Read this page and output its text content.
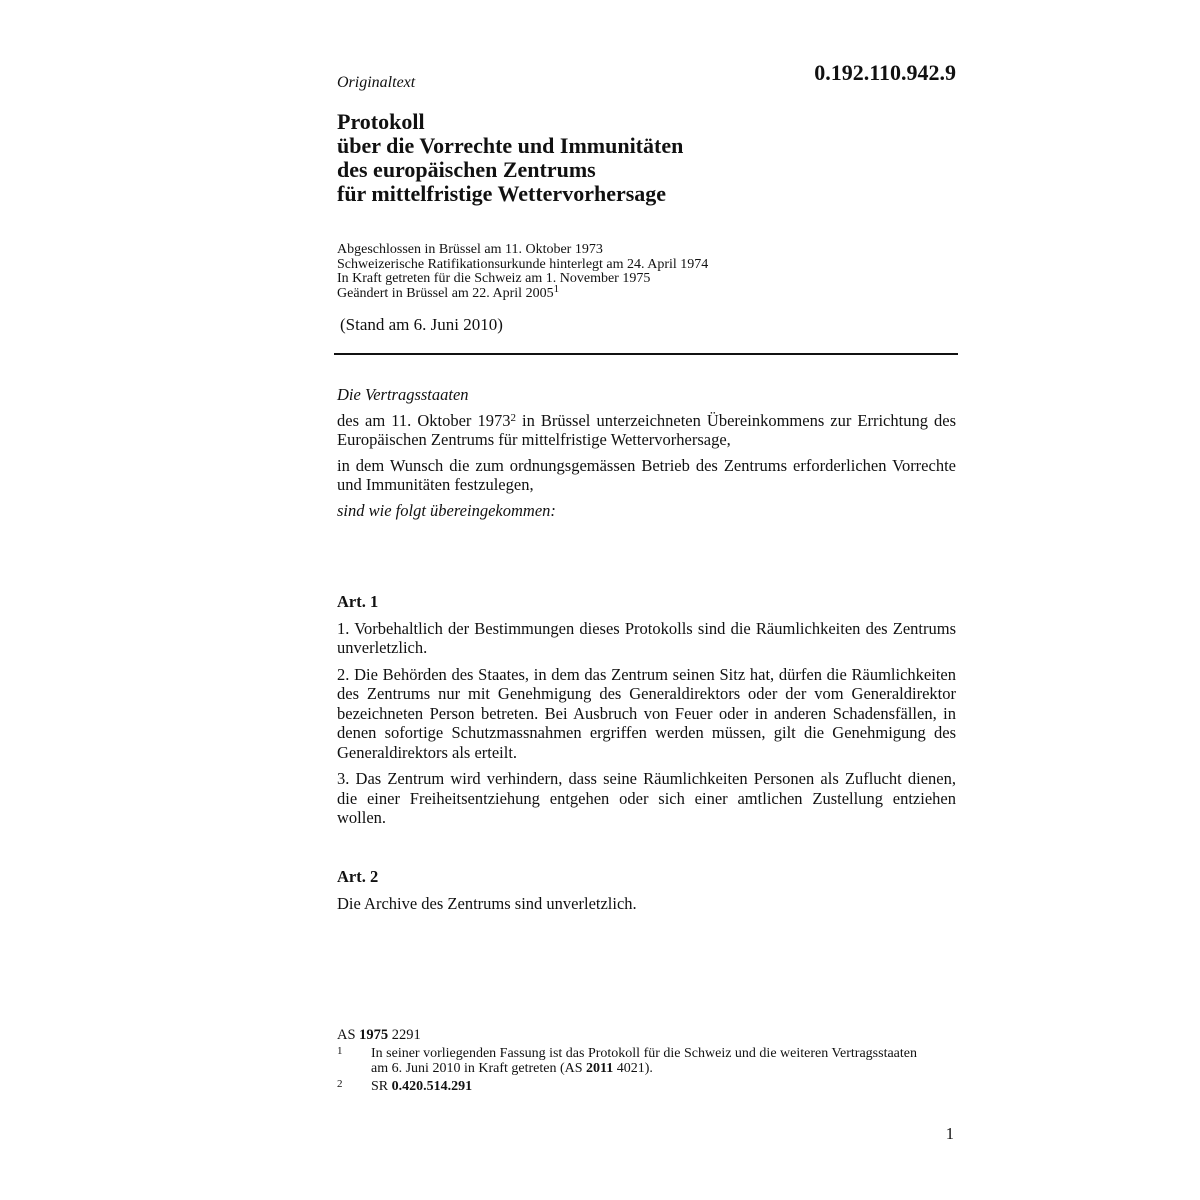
0.192.110.942.9
Originaltext
Protokoll
über die Vorrechte und Immunitäten
des europäischen Zentrums
für mittelfristige Wettervorhersage
Abgeschlossen in Brüssel am 11. Oktober 1973
Schweizerische Ratifikationsurkunde hinterlegt am 24. April 1974
In Kraft getreten für die Schweiz am 1. November 1975
Geändert in Brüssel am 22. April 2005$^1$
(Stand am 6. Juni 2010)

Die Vertragsstaaten

des am 11. Oktober 1973$^2$ in Brüssel unterzeichneten Übereinkommens zur Errichtung des Europäischen Zentrums für mittelfristige Wettervorhersage,

in dem Wunsch die zum ordnungsgemässen Betrieb des Zentrums erforderlichen Vorrechte und Immunitäten festzulegen,

sind wie folgt übereingekommen:

Art. 1

1. Vorbehaltlich der Bestimmungen dieses Protokolls sind die Räumlichkeiten des Zentrums unverletzlich.

2. Die Behörden des Staates, in dem das Zentrum seinen Sitz hat, dürfen die Räumlichkeiten des Zentrums nur mit Genehmigung des Generaldirektors oder der vom Generaldirektor bezeichneten Person betreten. Bei Ausbruch von Feuer oder in anderen Schadensfällen, in denen sofortige Schutzmassnahmen ergriffen werden müssen, gilt die Genehmigung des Generaldirektors als erteilt.

3. Das Zentrum wird verhindern, dass seine Räumlichkeiten Personen als Zuflucht dienen, die einer Freiheitsentziehung entgehen oder sich einer amtlichen Zustellung entziehen wollen.

Art. 2

Die Archive des Zentrums sind unverletzlich.

AS 1975 2291
1 In seiner vorliegenden Fassung ist das Protokoll für die Schweiz und die weiteren Vertragsstaaten am 6. Juni 2010 in Kraft getreten (AS 2011 4021).
2 SR 0.420.514.291
1
